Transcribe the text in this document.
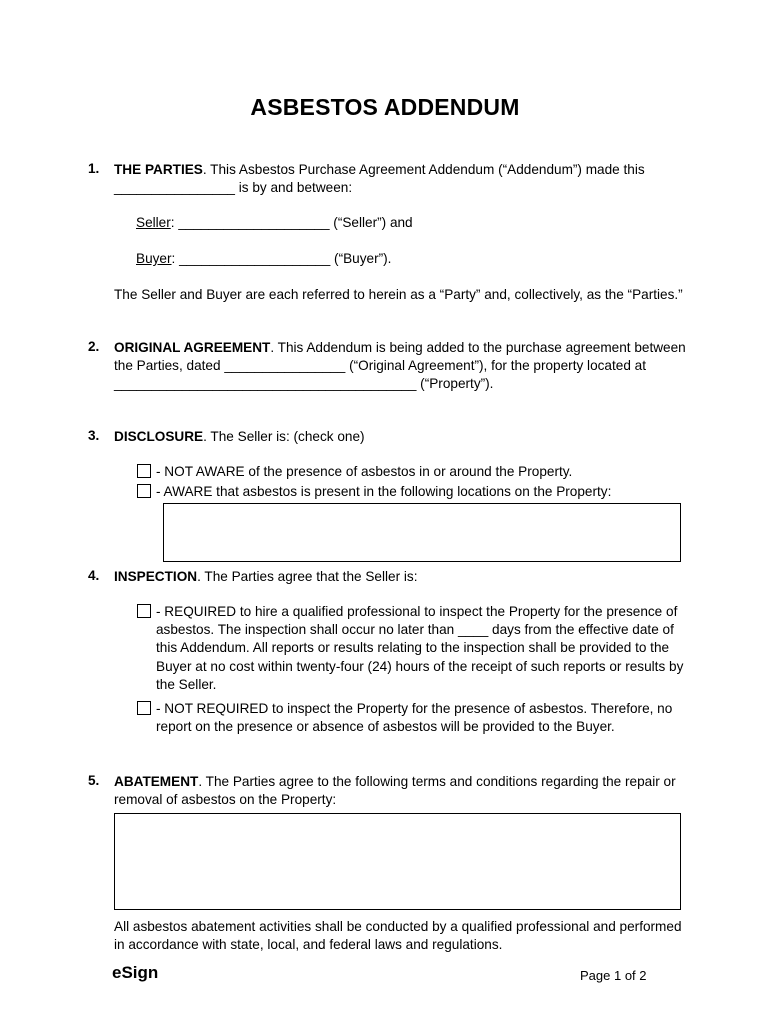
ASBESTOS ADDENDUM
1. THE PARTIES. This Asbestos Purchase Agreement Addendum (“Addendum”) made this ________________ is by and between:
Seller: ____________________ (“Seller”) and
Buyer: ____________________ (“Buyer”).
The Seller and Buyer are each referred to herein as a “Party” and, collectively, as the “Parties.”
2. ORIGINAL AGREEMENT. This Addendum is being added to the purchase agreement between the Parties, dated ________________ (“Original Agreement”), for the property located at ________________________________________ (“Property”).
3. DISCLOSURE. The Seller is: (check one)
- NOT AWARE of the presence of asbestos in or around the Property.
- AWARE that asbestos is present in the following locations on the Property:
4. INSPECTION. The Parties agree that the Seller is:
- REQUIRED to hire a qualified professional to inspect the Property for the presence of asbestos. The inspection shall occur no later than ____ days from the effective date of this Addendum. All reports or results relating to the inspection shall be provided to the Buyer at no cost within twenty-four (24) hours of the receipt of such reports or results by the Seller.
- NOT REQUIRED to inspect the Property for the presence of asbestos. Therefore, no report on the presence or absence of asbestos will be provided to the Buyer.
5. ABATEMENT. The Parties agree to the following terms and conditions regarding the repair or removal of asbestos on the Property:
All asbestos abatement activities shall be conducted by a qualified professional and performed in accordance with state, local, and federal laws and regulations.
eSign	Page 1 of 2
